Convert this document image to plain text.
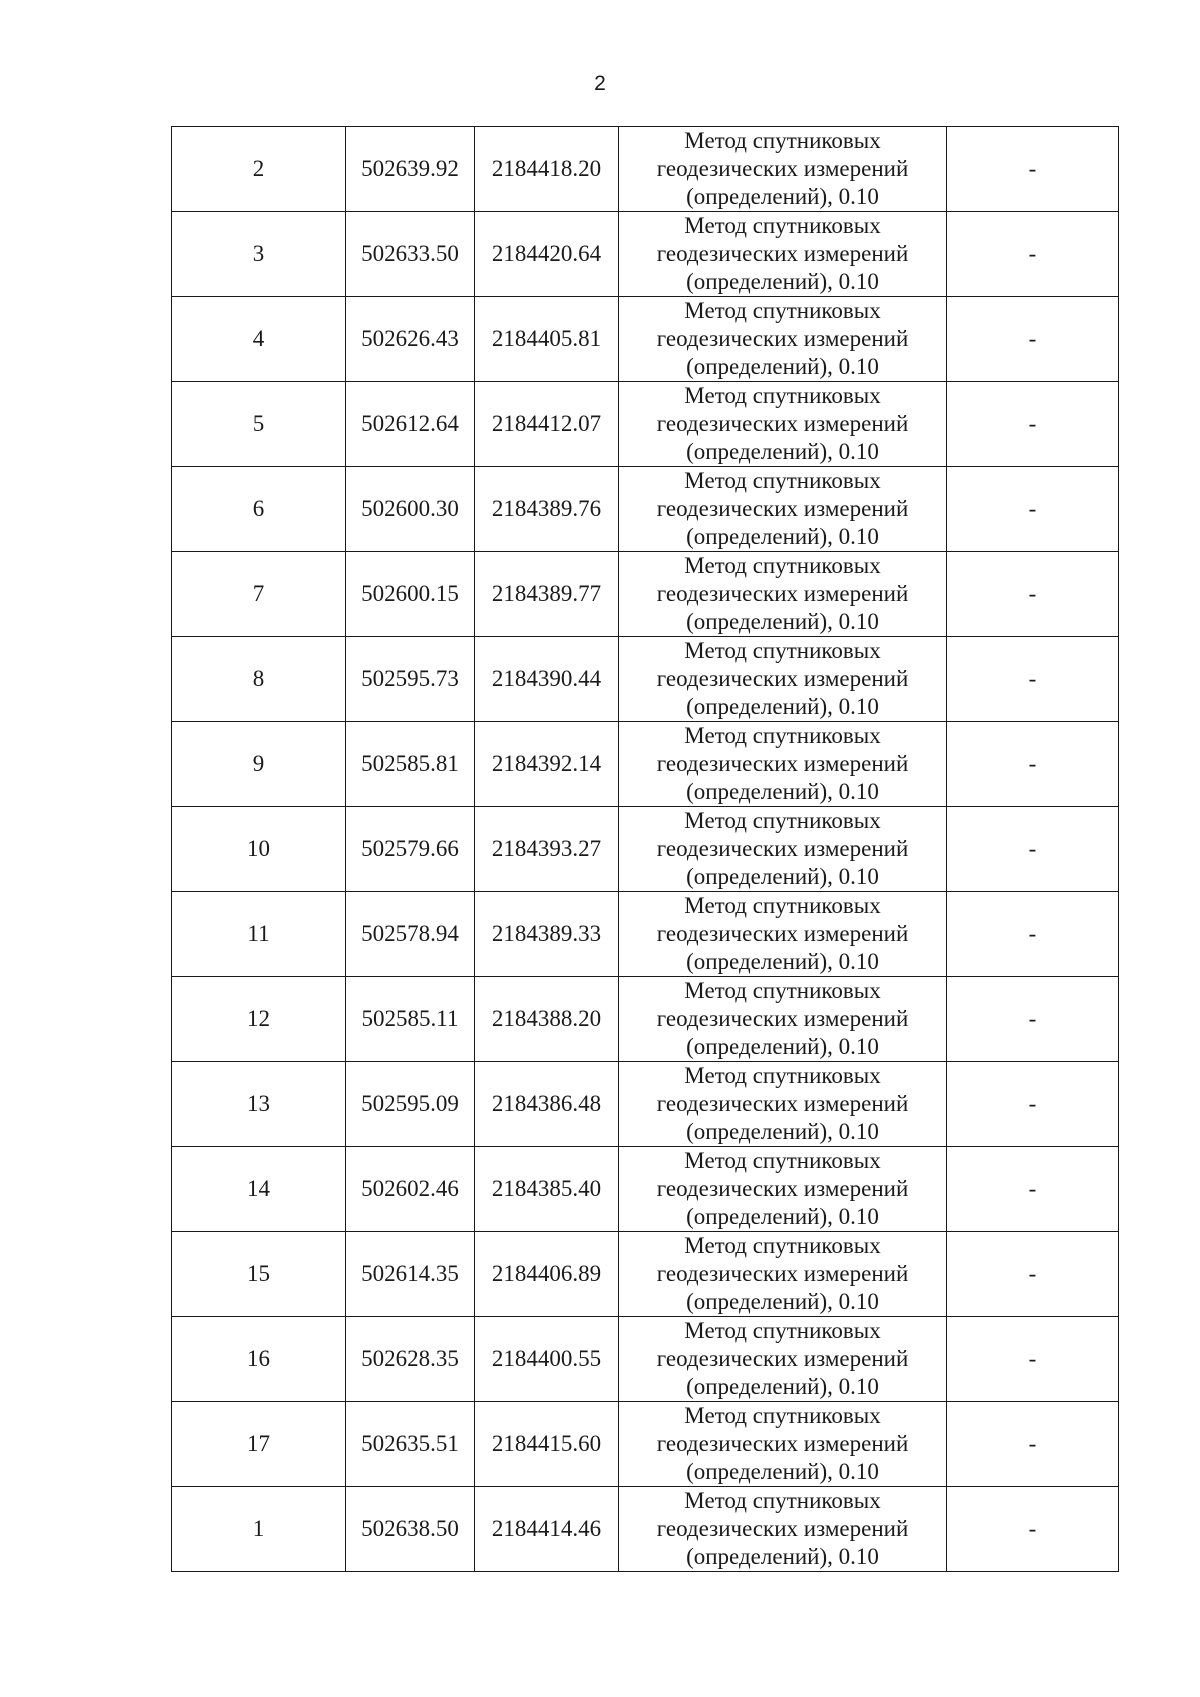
2
2	502639.92	2184418.20	Метод спутниковых
геодезических измерений
(определений), 0.10	-
3	502633.50	2184420.64	Метод спутниковых
геодезических измерений
(определений), 0.10	-
4	502626.43	2184405.81	Метод спутниковых
геодезических измерений
(определений), 0.10	-
5	502612.64	2184412.07	Метод спутниковых
геодезических измерений
(определений), 0.10	-
6	502600.30	2184389.76	Метод спутниковых
геодезических измерений
(определений), 0.10	-
7	502600.15	2184389.77	Метод спутниковых
геодезических измерений
(определений), 0.10	-
8	502595.73	2184390.44	Метод спутниковых
геодезических измерений
(определений), 0.10	-
9	502585.81	2184392.14	Метод спутниковых
геодезических измерений
(определений), 0.10	-
10	502579.66	2184393.27	Метод спутниковых
геодезических измерений
(определений), 0.10	-
11	502578.94	2184389.33	Метод спутниковых
геодезических измерений
(определений), 0.10	-
12	502585.11	2184388.20	Метод спутниковых
геодезических измерений
(определений), 0.10	-
13	502595.09	2184386.48	Метод спутниковых
геодезических измерений
(определений), 0.10	-
14	502602.46	2184385.40	Метод спутниковых
геодезических измерений
(определений), 0.10	-
15	502614.35	2184406.89	Метод спутниковых
геодезических измерений
(определений), 0.10	-
16	502628.35	2184400.55	Метод спутниковых
геодезических измерений
(определений), 0.10	-
17	502635.51	2184415.60	Метод спутниковых
геодезических измерений
(определений), 0.10	-
1	502638.50	2184414.46	Метод спутниковых
геодезических измерений
(определений), 0.10	-
